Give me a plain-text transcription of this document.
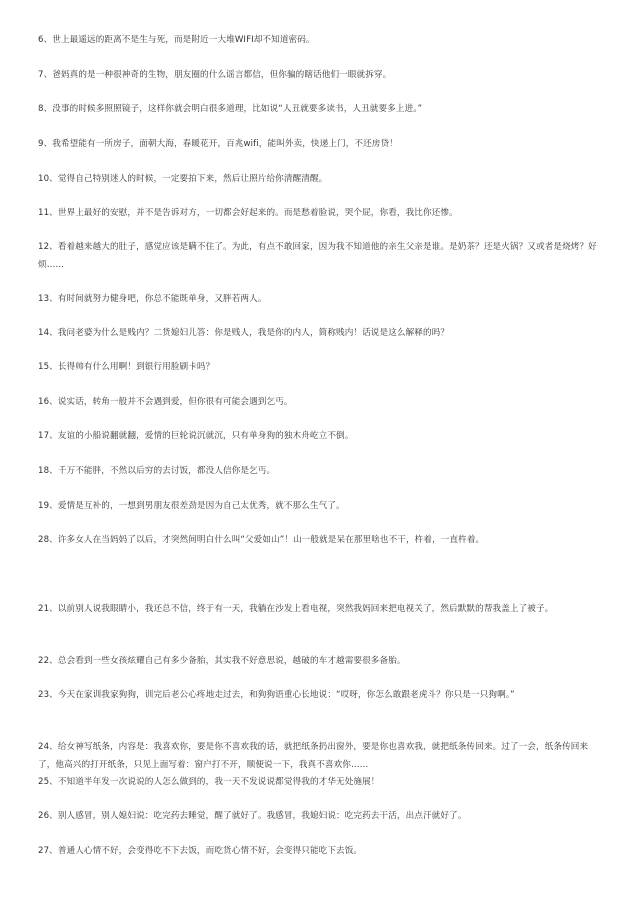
6、世上最遥远的距离不是生与死，而是附近一大堆WIFI却不知道密码。

7、爸妈真的是一种很神奇的生物，朋友圈的什么谣言都信，但你骗的瞎话他们一眼就拆穿。

8、没事的时候多照照镜子，这样你就会明白很多道理，比如说“人丑就要多读书，人丑就要多上进。”

9、我希望能有一所房子，面朝大海，春暖花开，百兆wifi，能叫外卖，快递上门，不还房贷！

10、觉得自己特别迷人的时候，一定要拍下来，然后让照片给你清醒清醒。

11、世界上最好的安慰，并不是告诉对方，一切都会好起来的。而是愁着脸说，哭个屁，你看，我比你还惨。

12、看着越来越大的肚子，感觉应该是瞒不住了。为此，有点不敢回家，因为我不知道他的亲生父亲是谁。是奶茶？还是火锅？又或者是烧烤？好烦……

13、有时间就努力健身吧，你总不能既单身，又胖若两人。

14、我问老婆为什么是贱内？二货媳妇儿答：你是贱人，我是你的内人，简称贱内！话说是这么解释的吗？

15、长得帅有什么用啊！到银行用脸刷卡吗？

16、说实话，转角一般并不会遇到爱，但你很有可能会遇到乞丐。

17、友谊的小船说翻就翻，爱情的巨轮说沉就沉，只有单身狗的独木舟屹立不倒。

18、千万不能胖，不然以后穷的去讨饭，都没人信你是乞丐。

19、爱情是互补的，一想到男朋友很差劲是因为自己太优秀，就不那么生气了。

28、许多女人在当妈妈了以后，才突然间明白什么叫“父爱如山”！山一般就是呆在那里啥也不干，杵着，一直杵着。

21、以前别人说我眼睛小，我还总不信，终于有一天，我躺在沙发上看电视，突然我妈回来把电视关了，然后默默的帮我盖上了被子。

22、总会看到一些女孩炫耀自己有多少备胎，其实我不好意思说，越破的车才越需要很多备胎。

23、今天在家训我家狗狗，训完后老公心疼地走过去，和狗狗语重心长地说：“哎呀，你怎么敢跟老虎斗？你只是一只狗啊。”

24、给女神写纸条，内容是：我喜欢你，要是你不喜欢我的话，就把纸条扔出窗外，要是你也喜欢我，就把纸条传回来。过了一会，纸条传回来了，他高兴的打开纸条，只见上面写着：窗户打不开，顺便说一下，我真不喜欢你……

25、不知道半年发一次说说的人怎么做到的，我一天不发说说都觉得我的才华无处施展！

26、别人感冒，别人媳妇说：吃完药去睡觉，醒了就好了。我感冒，我媳妇说：吃完药去干活，出点汗就好了。

27、普通人心情不好，会变得吃不下去饭，而吃货心情不好，会变得只能吃下去饭。
